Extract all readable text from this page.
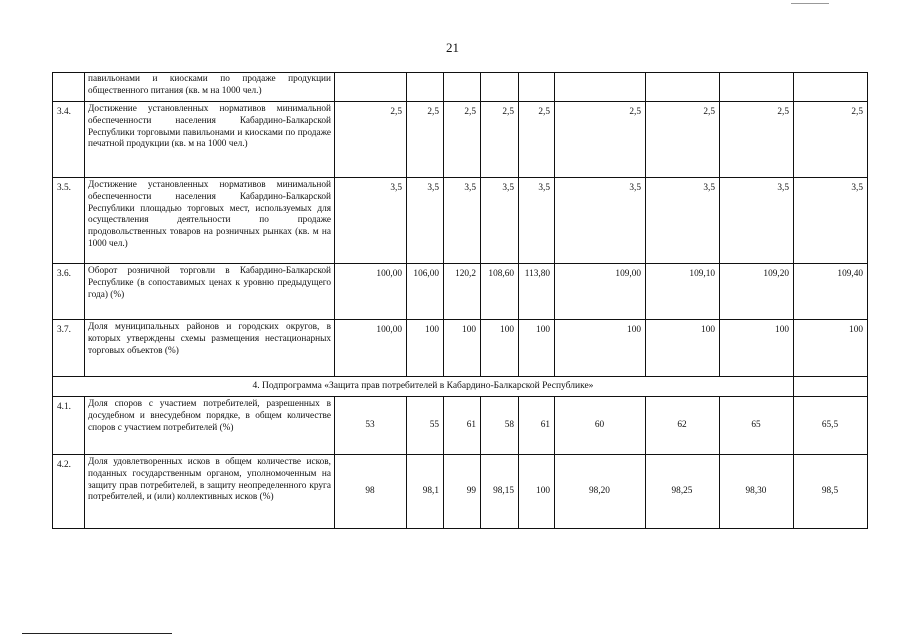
21
	павильонами и киосками по продаже продукции общественного питания (кв. м на 1000 чел.)									
3.4.	Достижение установленных нормативов минимальной обеспеченности населения Кабардино-Балкарской Республики торговыми павильонами и киосками по продаже печатной продукции (кв. м на 1000 чел.)	2,5	2,5	2,5	2,5	2,5	2,5	2,5	2,5	2,5
3.5.	Достижение установленных нормативов минимальной обеспеченности населения Кабардино-Балкарской Республики площадью торговых мест, используемых для осуществления деятельности по продаже продовольственных товаров на розничных рынках (кв. м на 1000 чел.)	3,5	3,5	3,5	3,5	3,5	3,5	3,5	3,5	3,5
3.6.	Оборот розничной торговли в Кабардино-Балкарской Республике (в сопоставимых ценах к уровню предыдущего года) (%)	100,00	106,00	120,2	108,60	113,80	109,00	109,10	109,20	109,40
3.7.	Доля муниципальных районов и городских округов, в которых утверждены схемы размещения нестационарных торговых объектов (%)	100,00	100	100	100	100	100	100	100	100
4. Подпрограмма «Защита прав потребителей в Кабардино-Балкарской Республике»										
4.1.	Доля споров с участием потребителей, разрешенных в досудебном и внесудебном порядке, в общем количестве споров с участием потребителей (%)	53	55	61	58	61	60	62	65	65,5
4.2.	Доля удовлетворенных исков в общем количестве исков, поданных государственным органом, уполномоченным на защиту прав потребителей, в защиту неопределенного круга потребителей, и (или) коллективных исков (%)	98	98,1	99	98,15	100	98,20	98,25	98,30	98,5
